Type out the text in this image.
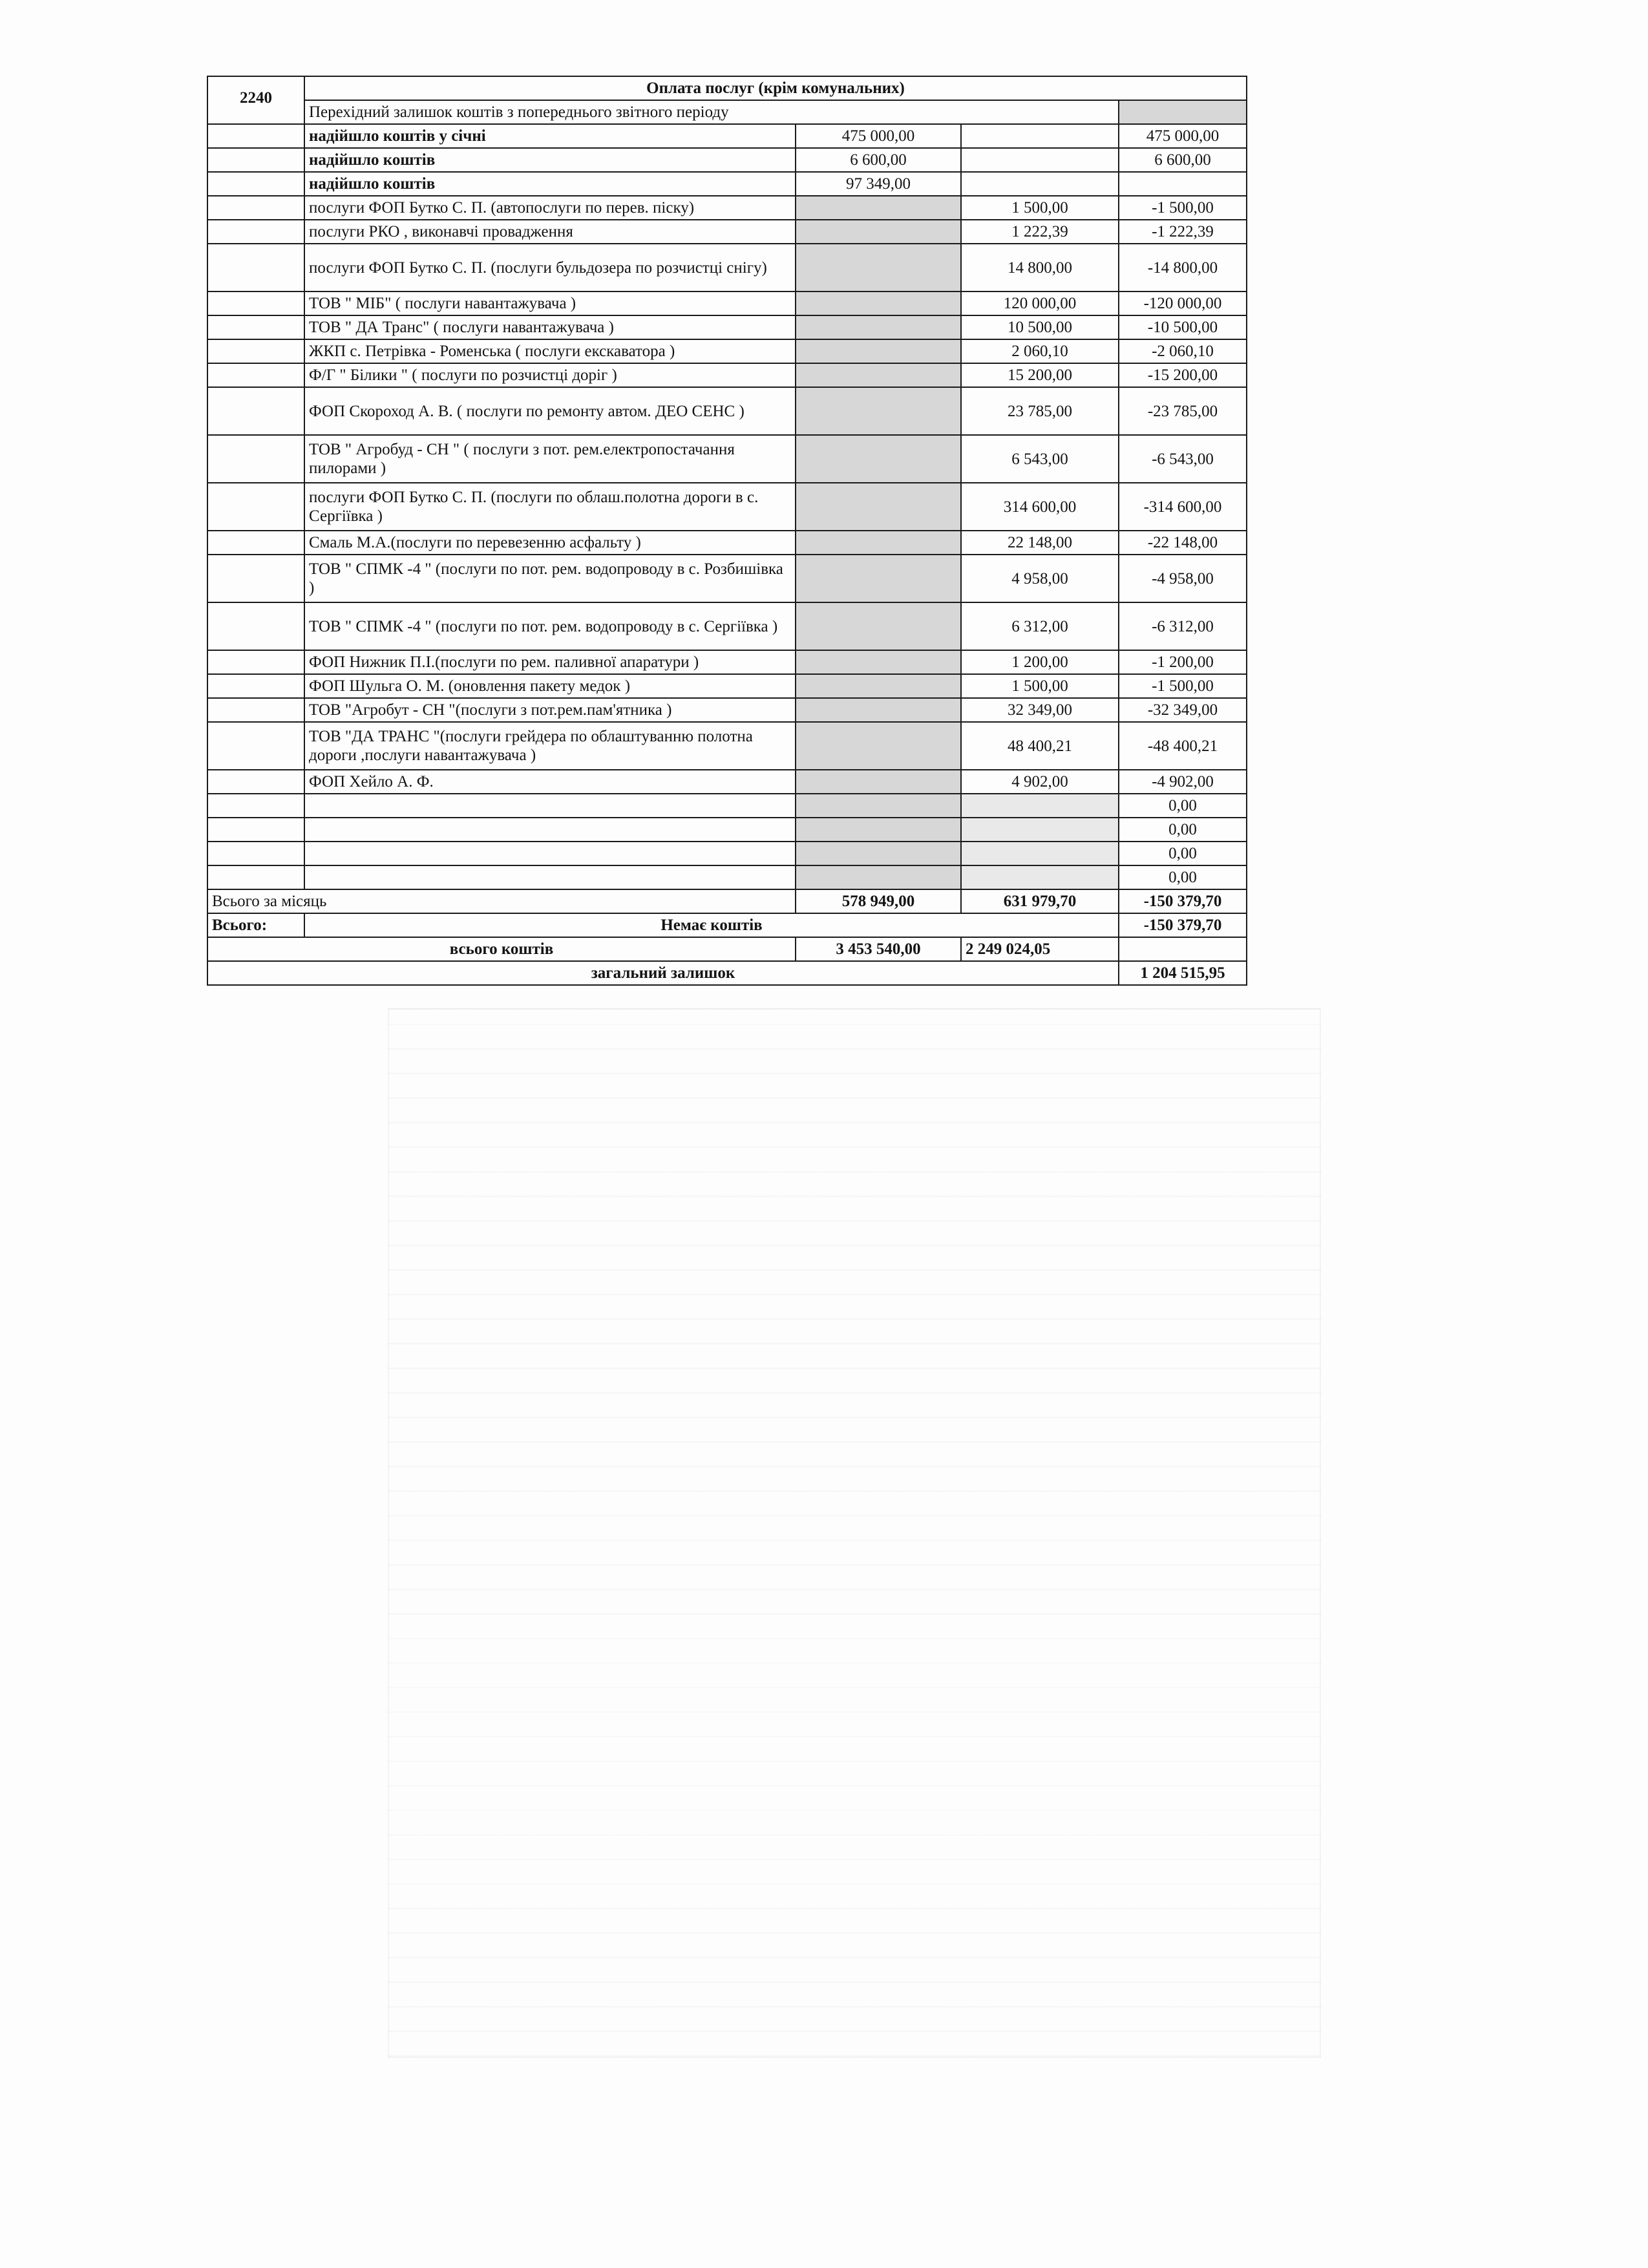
2240	Оплата послуг (крім комунальних)			
	Перехідний залишок коштів з попереднього звітного періоду			
	надійшло коштів у січні	475 000,00		475 000,00
	надійшло коштів	6 600,00		6 600,00
	надійшло коштів	97 349,00		
	послуги ФОП Бутко С. П. (автопослуги по перев. піску)		1 500,00	-1 500,00
	послуги РКО , виконавчі провадження		1 222,39	-1 222,39
	послуги ФОП Бутко С. П. (послуги бульдозера по розчистці снігу)		14 800,00	-14 800,00
	ТОВ " МІБ" ( послуги навантажувача )		120 000,00	-120 000,00
	ТОВ " ДА Транс" ( послуги навантажувача )		10 500,00	-10 500,00
	ЖКП с. Петрівка - Роменська ( послуги екскаватора )		2 060,10	-2 060,10
	Ф/Г " Білики " ( послуги по розчистці доріг )		15 200,00	-15 200,00
	ФОП Скороход А. В. ( послуги по ремонту автом. ДЕО СЕНС )		23 785,00	-23 785,00
	ТОВ " Агробуд - СН " ( послуги з пот. рем.електропостачання пилорами )		6 543,00	-6 543,00
	послуги ФОП Бутко С. П. (послуги по облаш.полотна дороги в с. Сергіївка )		314 600,00	-314 600,00
	Смаль М.А.(послуги по перевезенню асфальту )		22 148,00	-22 148,00
	ТОВ " СПМК -4 " (послуги по пот. рем. водопроводу в с. Розбишівка )		4 958,00	-4 958,00
	ТОВ " СПМК -4 " (послуги по пот. рем. водопроводу в с. Сергіївка )		6 312,00	-6 312,00
	ФОП Нижник П.І.(послуги по рем. паливної апаратури )		1 200,00	-1 200,00
	ФОП Шульга О. М. (оновлення пакету медок )		1 500,00	-1 500,00
	ТОВ "Агробут - СН "(послуги з пот.рем.пам'ятника )		32 349,00	-32 349,00
	ТОВ "ДА ТРАНС "(послуги грейдера по облаштуванню полотна дороги ,послуги навантажувача )		48 400,21	-48 400,21
	ФОП Хейло А. Ф.		4 902,00	-4 902,00
				0,00
				0,00
				0,00
				0,00
Всього за місяць		578 949,00	631 979,70	-150 379,70
Всього:	Немає коштів			-150 379,70
всього коштів		3 453 540,00	2 249 024,05	
загальний залишок				1 204 515,95
